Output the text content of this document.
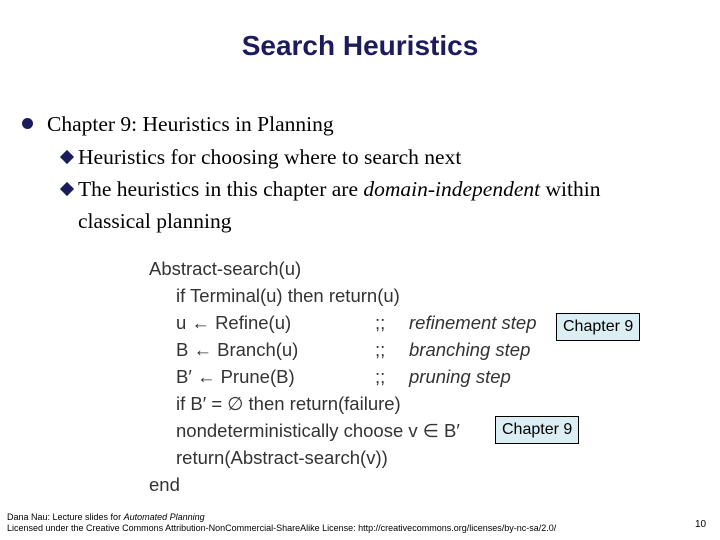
Search Heuristics
Chapter 9: Heuristics in Planning
Heuristics for choosing where to search next
The heuristics in this chapter are domain-independent within
classical planning
Abstract-search(u)
if Terminal(u) then return(u)
u ← Refine(u)	;; refinement step
B ← Branch(u)	;; branching step
B′ ← Prune(B)	;; pruning step
if B′ = ∅ then return(failure)
nondeterministically choose v ∈ B′
return(Abstract-search(v))
end
Chapter 9
Chapter 9
Dana Nau: Lecture slides for Automated Planning
Licensed under the Creative Commons Attribution-NonCommercial-ShareAlike License: http://creativecommons.org/licenses/by-nc-sa/2.0/	10
